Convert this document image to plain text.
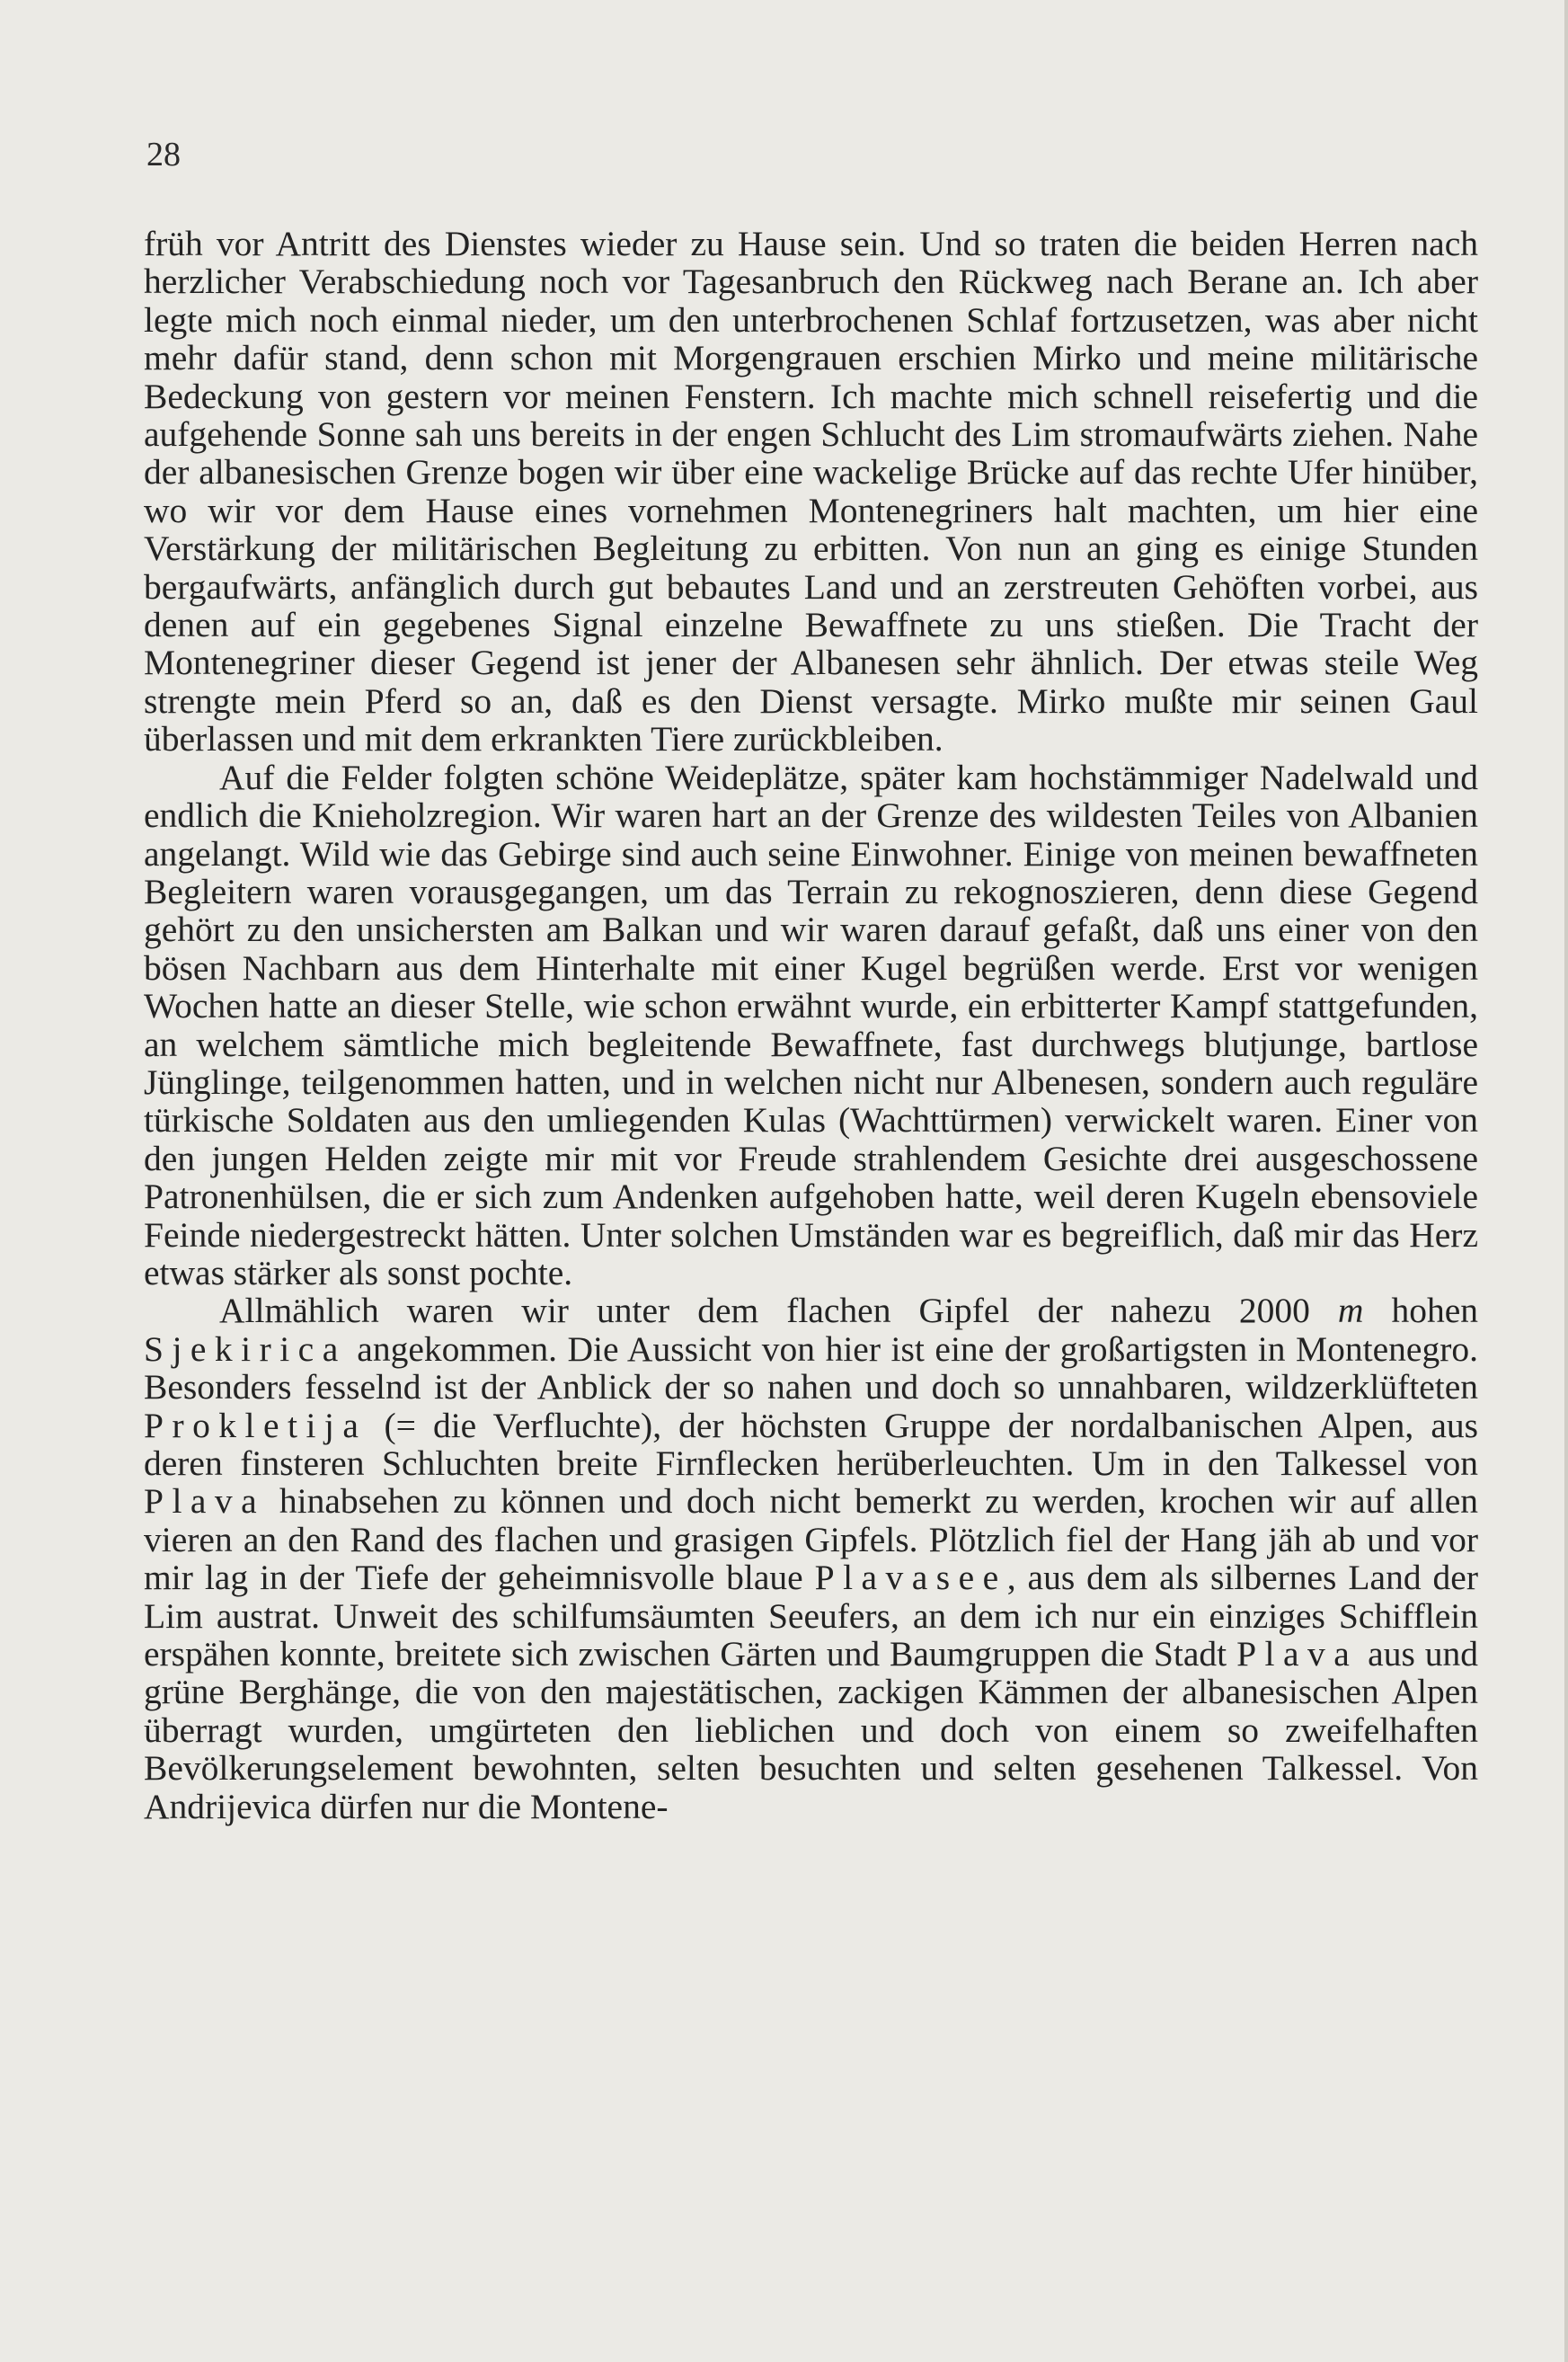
28

früh vor Antritt des Dienstes wieder zu Hause sein. Und so traten die beiden Herren nach herzlicher Verabschiedung noch vor Tagesanbruch den Rückweg nach Berane an. Ich aber legte mich noch einmal nieder, um den unterbrochenen Schlaf fortzusetzen, was aber nicht mehr dafür stand, denn schon mit Morgengrauen erschien Mirko und meine militärische Bedeckung von gestern vor meinen Fenstern. Ich machte mich schnell reisefertig und die aufgehende Sonne sah uns bereits in der engen Schlucht des Lim stromaufwärts ziehen. Nahe der albanesischen Grenze bogen wir über eine wackelige Brücke auf das rechte Ufer hinüber, wo wir vor dem Hause eines vornehmen Montenegriners halt machten, um hier eine Verstärkung der militärischen Begleitung zu erbitten. Von nun an ging es einige Stunden bergaufwärts, anfänglich durch gut bebautes Land und an zerstreuten Gehöften vorbei, aus denen auf ein gegebenes Signal einzelne Bewaffnete zu uns stießen. Die Tracht der Montenegriner dieser Gegend ist jener der Albanesen sehr ähnlich. Der etwas steile Weg strengte mein Pferd so an, daß es den Dienst versagte. Mirko mußte mir seinen Gaul überlassen und mit dem erkrankten Tiere zurückbleiben.

Auf die Felder folgten schöne Weideplätze, später kam hochstämmiger Nadelwald und endlich die Knieholzregion. Wir waren hart an der Grenze des wildesten Teiles von Albanien angelangt. Wild wie das Gebirge sind auch seine Einwohner. Einige von meinen bewaffneten Begleitern waren vorausgegangen, um das Terrain zu rekognoszieren, denn diese Gegend gehört zu den unsichersten am Balkan und wir waren darauf gefaßt, daß uns einer von den bösen Nachbarn aus dem Hinterhalte mit einer Kugel begrüßen werde. Erst vor wenigen Wochen hatte an dieser Stelle, wie schon erwähnt wurde, ein erbitterter Kampf stattgefunden, an welchem sämtliche mich begleitende Bewaffnete, fast durchwegs blutjunge, bartlose Jünglinge, teilgenommen hatten, und in welchen nicht nur Albenesen, sondern auch reguläre türkische Soldaten aus den umliegenden Kulas (Wachttürmen) verwickelt waren. Einer von den jungen Helden zeigte mir mit vor Freude strahlendem Gesichte drei ausgeschossene Patronenhülsen, die er sich zum Andenken aufgehoben hatte, weil deren Kugeln ebensoviele Feinde niedergestreckt hätten. Unter solchen Umständen war es begreiflich, daß mir das Herz etwas stärker als sonst pochte.

Allmählich waren wir unter dem flachen Gipfel der nahezu 2000 m hohen Sjekirica angekommen. Die Aussicht von hier ist eine der großartigsten in Montenegro. Besonders fesselnd ist der Anblick der so nahen und doch so unnahbaren, wildzerklüfteten Prokletija (= die Verfluchte), der höchsten Gruppe der nordalbanischen Alpen, aus deren finsteren Schluchten breite Firnflecken herüberleuchten. Um in den Talkessel von Plava hinabsehen zu können und doch nicht bemerkt zu werden, krochen wir auf allen vieren an den Rand des flachen und grasigen Gipfels. Plötzlich fiel der Hang jäh ab und vor mir lag in der Tiefe der geheimnisvolle blaue Plavasee, aus dem als silbernes Land der Lim austrat. Unweit des schilfumsäumten Seeufers, an dem ich nur ein einziges Schifflein erspähen konnte, breitete sich zwischen Gärten und Baumgruppen die Stadt Plava aus und grüne Berghänge, die von den majestätischen, zackigen Kämmen der albanesischen Alpen überragt wurden, umgürteten den lieblichen und doch von einem so zweifelhaften Bevölkerungselement bewohnten, selten besuchten und selten gesehenen Talkessel. Von Andrijevica dürfen nur die Montene-
